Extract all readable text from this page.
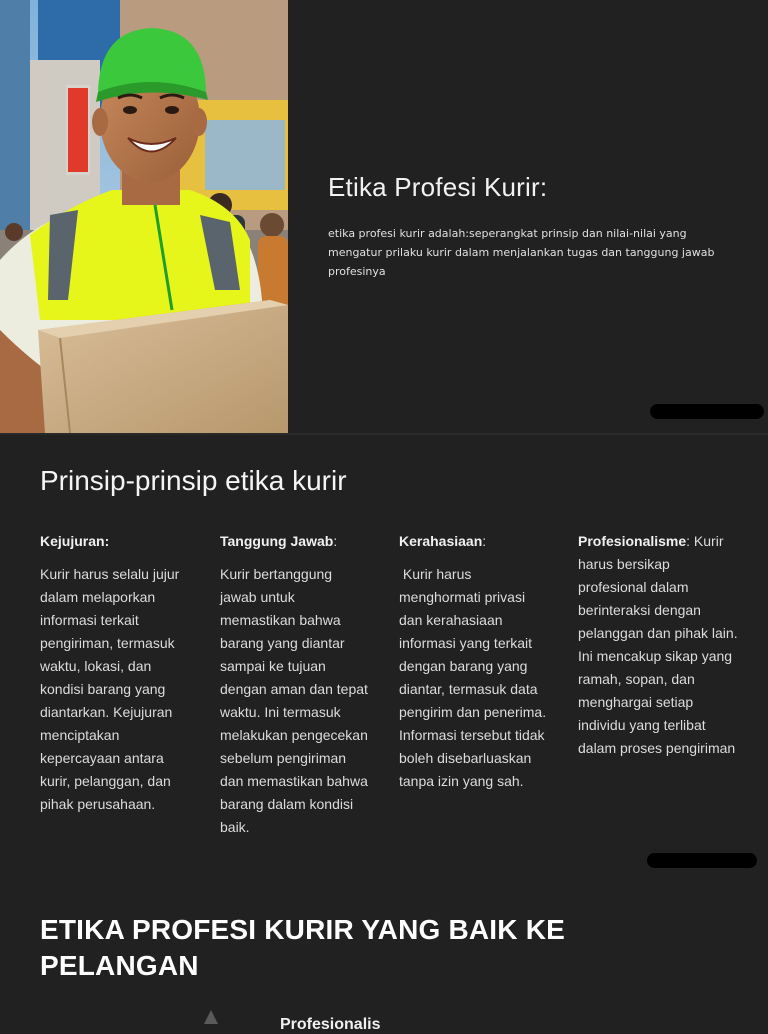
Etika Profesi Kurir:

etika profesi kurir adalah:seperangkat prinsip dan nilai-nilai yang mengatur prilaku kurir dalam menjalankan tugas dan tanggung jawab profesinya

Prinsip-prinsip etika kurir
Kejujuran:

Kurir harus selalu jujur dalam melaporkan informasi terkait pengiriman, termasuk waktu, lokasi, dan kondisi barang yang diantarkan. Kejujuran menciptakan kepercayaan antara kurir, pelanggan, dan pihak perusahaan.

Tanggung Jawab:

Kurir bertanggung jawab untuk memastikan bahwa barang yang diantar sampai ke tujuan dengan aman dan tepat waktu. Ini termasuk melakukan pengecekan sebelum pengiriman dan memastikan bahwa barang dalam kondisi baik.

Kerahasiaan:

Kurir harus menghormati privasi dan kerahasiaan informasi yang terkait dengan barang yang diantar, termasuk data pengirim dan penerima. Informasi tersebut tidak boleh disebarluaskan tanpa izin yang sah.

Profesionalisme: Kurir harus bersikap profesional dalam berinteraksi dengan pelanggan dan pihak lain. Ini mencakup sikap yang ramah, sopan, dan menghargai setiap individu yang terlibat dalam proses pengiriman

ETIKA PROFESI KURIR YANG BAIK KE PELANGAN
Profesionalis
